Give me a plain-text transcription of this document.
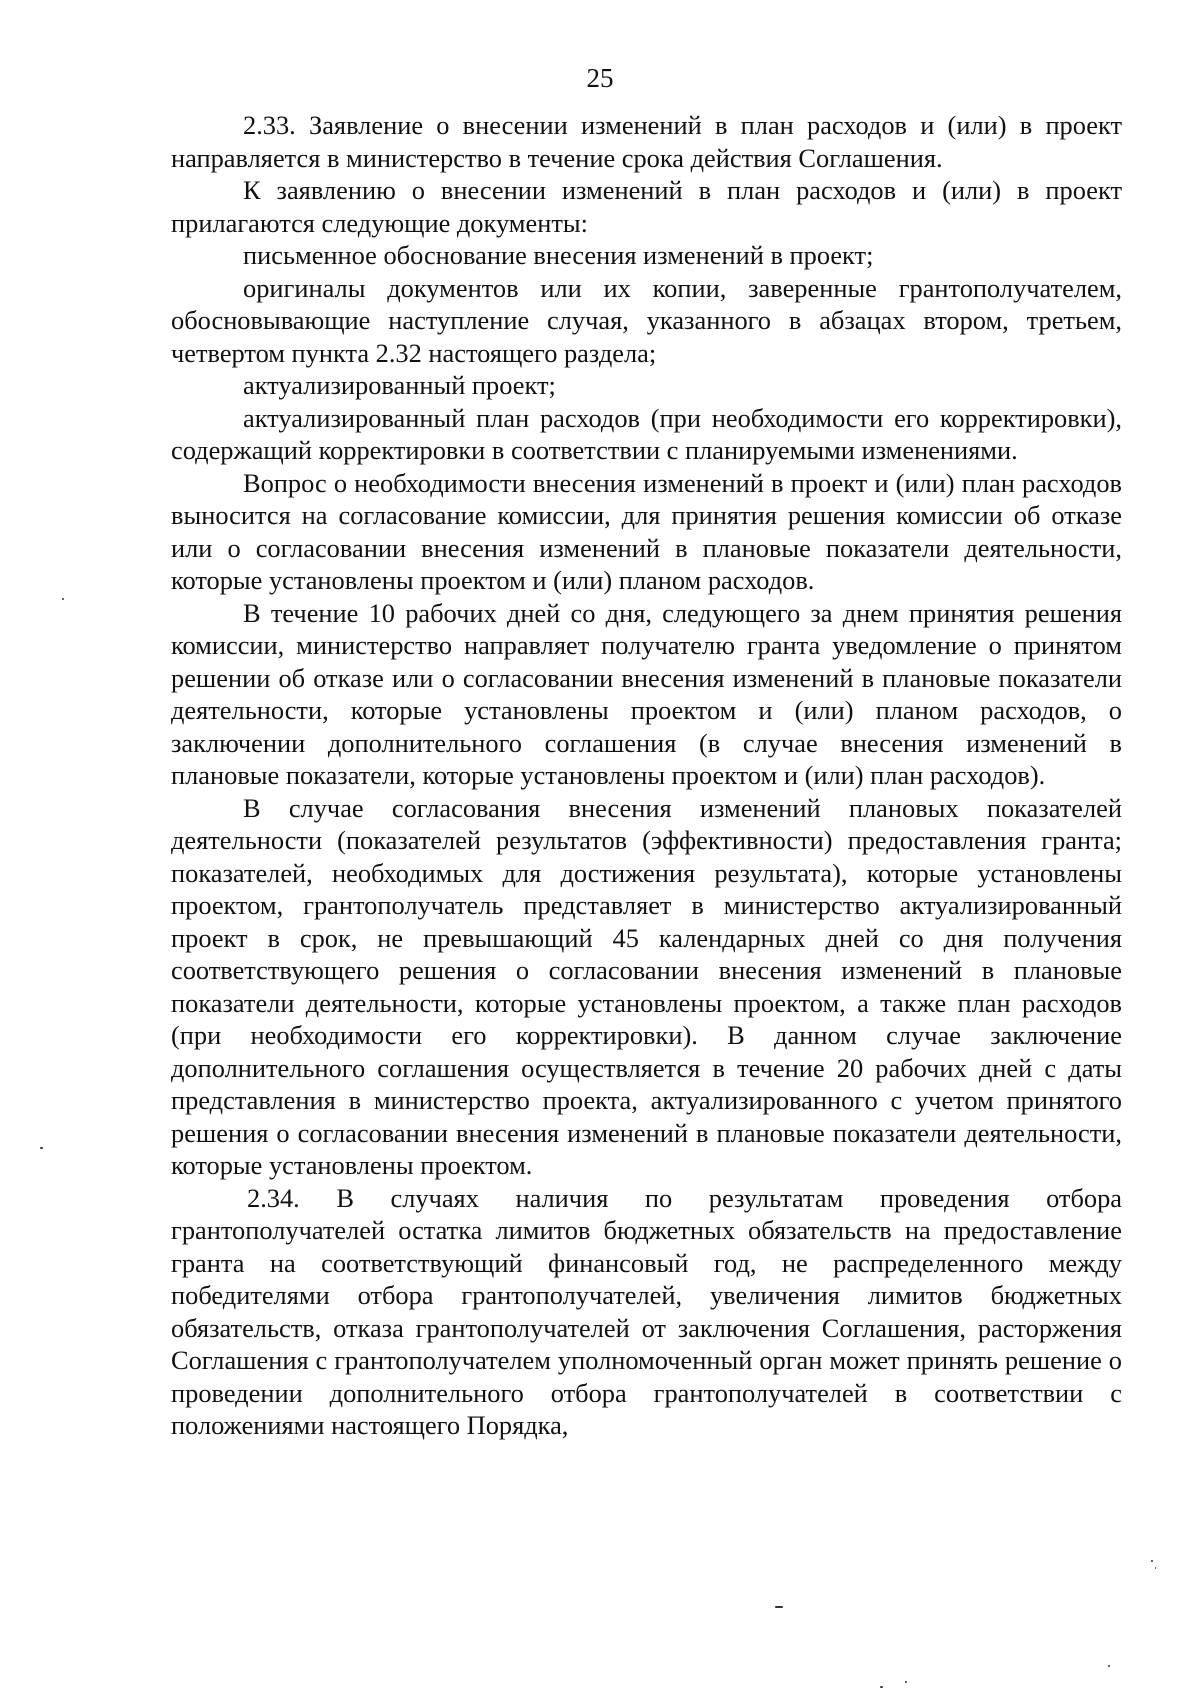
25

2.33. Заявление о внесении изменений в план расходов и (или) в проект направляется в министерство в течение срока действия Соглашения.

К заявлению о внесении изменений в план расходов и (или) в проект прилагаются следующие документы:

письменное обоснование внесения изменений в проект;

оригиналы документов или их копии, заверенные грантополучателем, обосновывающие наступление случая, указанного в абзацах втором, третьем, четвертом пункта 2.32 настоящего раздела;

актуализированный проект;

актуализированный план расходов (при необходимости его корректировки), содержащий корректировки в соответствии с планируемыми изменениями.

Вопрос о необходимости внесения изменений в проект и (или) план расходов выносится на согласование комиссии, для принятия решения комиссии об отказе или о согласовании внесения изменений в плановые показатели деятельности, которые установлены проектом и (или) планом расходов.

В течение 10 рабочих дней со дня, следующего за днем принятия решения комиссии, министерство направляет получателю гранта уведомление о принятом решении об отказе или о согласовании внесения изменений в плановые показатели деятельности, которые установлены проектом и (или) планом расходов, о заключении дополнительного соглашения (в случае внесения изменений в плановые показатели, которые установлены проектом и (или) план расходов).

В случае согласования внесения изменений плановых показателей деятельности (показателей результатов (эффективности) предоставления гранта; показателей, необходимых для достижения результата), которые установлены проектом, грантополучатель представляет в министерство актуализированный проект в срок, не превышающий 45 календарных дней со дня получения соответствующего решения о согласовании внесения изменений в плановые показатели деятельности, которые установлены проектом, а также план расходов (при необходимости его корректировки). В данном случае заключение дополнительного соглашения осуществляется в течение 20 рабочих дней с даты представления в министерство проекта, актуализированного с учетом принятого решения о согласовании внесения изменений в плановые показатели деятельности, которые установлены проектом.

2.34. В случаях наличия по результатам проведения отбора грантополучателей остатка лимитов бюджетных обязательств на предоставление гранта на соответствующий финансовый год, не распределенного между победителями отбора грантополучателей, увеличения лимитов бюджетных обязательств, отказа грантополучателей от заключения Соглашения, расторжения Соглашения с грантополучателем уполномоченный орган может принять решение о проведении дополнительного отбора грантополучателей в соответствии с положениями настоящего Порядка,
